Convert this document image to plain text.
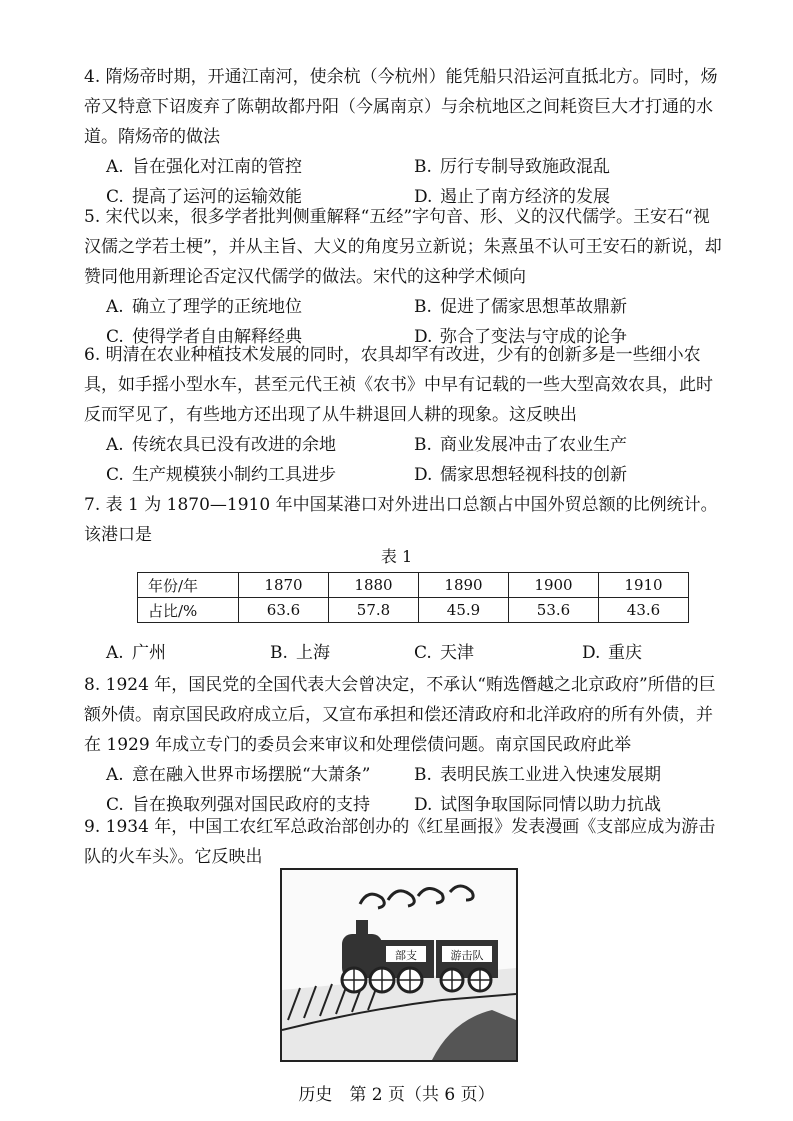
4. 隋炀帝时期，开通江南河，使余杭（今杭州）能凭船只沿运河直抵北方。同时，炀帝又特意下诏废弃了陈朝故都丹阳（今属南京）与余杭地区之间耗资巨大才打通的水道。隋炀帝的做法
A. 旨在强化对江南的管控	B. 厉行专制导致施政混乱
C. 提高了运河的运输效能	D. 遏止了南方经济的发展
5. 宋代以来，很多学者批判侧重解释“五经”字句音、形、义的汉代儒学。王安石“视汉儒之学若土梗”，并从主旨、大义的角度另立新说；朱熹虽不认可王安石的新说，却赞同他用新理论否定汉代儒学的做法。宋代的这种学术倾向
A. 确立了理学的正统地位	B. 促进了儒家思想革故鼎新
C. 使得学者自由解释经典	D. 弥合了变法与守成的论争
6. 明清在农业种植技术发展的同时，农具却罕有改进，少有的创新多是一些细小农具，如手摇小型水车，甚至元代王祯《农书》中早有记载的一些大型高效农具，此时反而罕见了，有些地方还出现了从牛耕退回人耕的现象。这反映出
A. 传统农具已没有改进的余地	B. 商业发展冲击了农业生产
C. 生产规模狭小制约工具进步	D. 儒家思想轻视科技的创新
7. 表 1 为 1870—1910 年中国某港口对外进出口总额占中国外贸总额的比例统计。该港口是
表 1
年份/年	1870	1880	1890	1900	1910
占比/%	63.6	57.8	45.9	53.6	43.6
A. 广州	B. 上海	C. 天津	D. 重庆
8. 1924 年，国民党的全国代表大会曾决定，不承认“贿选僭越之北京政府”所借的巨额外债。南京国民政府成立后，又宣布承担和偿还清政府和北洋政府的所有外债，并在 1929 年成立专门的委员会来审议和处理偿债问题。南京国民政府此举
A. 意在融入世界市场摆脱“大萧条”	B. 表明民族工业进入快速发展期
C. 旨在换取列强对国民政府的支持	D. 试图争取国际同情以助力抗战
9. 1934 年，中国工农红军总政治部创办的《红星画报》发表漫画《支部应成为游击队的火车头》。它反映出
部支	游击队
历史　第 2 页（共 6 页）
